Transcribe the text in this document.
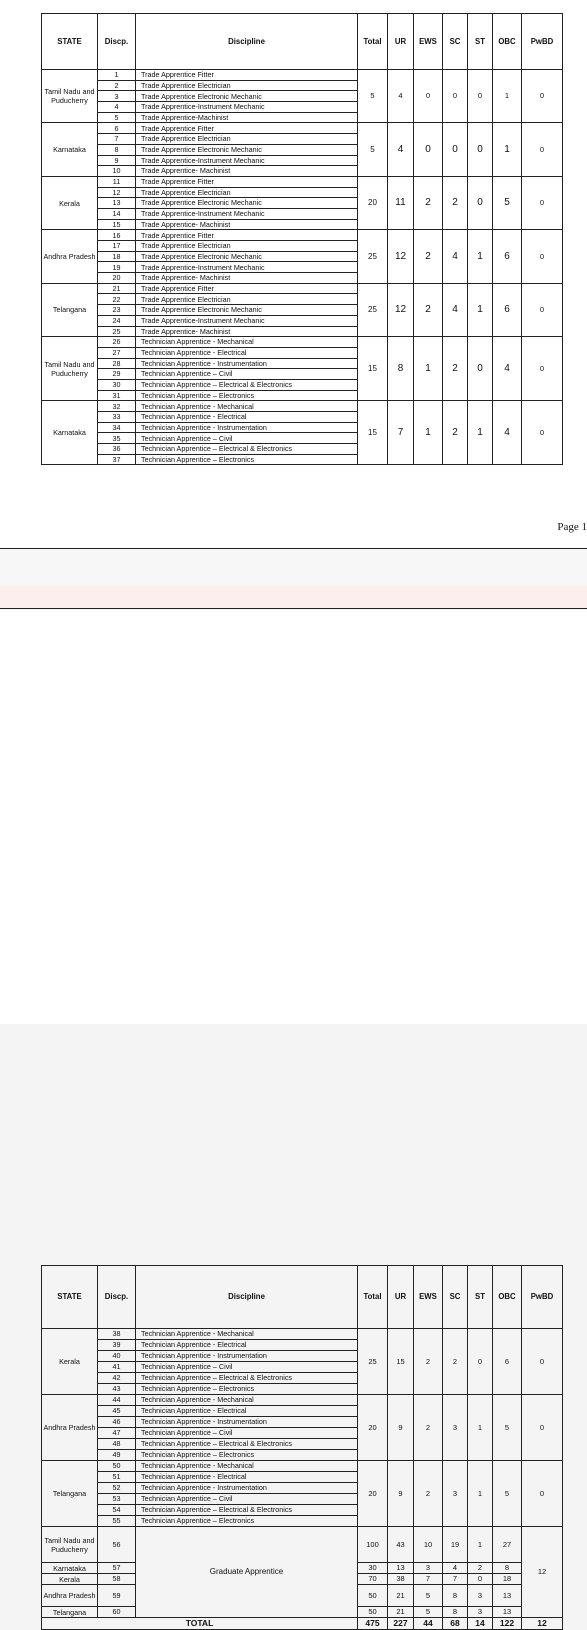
STATE	Discp.	Discipline	Total	UR	EWS	SC	ST	OBC	PwBD
Tamil Nadu and Puducherry	1	Trade Apprentice Fitter	5	4	0	0	0	1	0
	2	Trade Apprentice Electrician							
	3	Trade Apprentice Electronic Mechanic							
	4	Trade Apprentice-Instrument Mechanic							
	5	Trade Apprentice-Machinist							
Karnataka	6	Trade Apprentice Fitter	5	4	0	0	0	1	0
	7	Trade Apprentice Electrician							
	8	Trade Apprentice Electronic Mechanic							
	9	Trade Apprentice-Instrument Mechanic							
	10	Trade Apprentice- Machinist							
Kerala	11	Trade Apprentice Fitter	20	11	2	2	0	5	0
	12	Trade Apprentice Electrician							
	13	Trade Apprentice Electronic Mechanic							
	14	Trade Apprentice-Instrument Mechanic							
	15	Trade Apprentice- Machinist							
Andhra Pradesh	16	Trade Apprentice Fitter	25	12	2	4	1	6	0
	17	Trade Apprentice Electrician							
	18	Trade Apprentice Electronic Mechanic							
	19	Trade Apprentice-Instrument Mechanic							
	20	Trade Apprentice- Machinist							
Telangana	21	Trade Apprentice Fitter	25	12	2	4	1	6	0
	22	Trade Apprentice Electrician							
	23	Trade Apprentice Electronic Mechanic							
	24	Trade Apprentice-Instrument Mechanic							
	25	Trade Apprentice- Machinist							
Tamil Nadu and Puducherry	26	Technician Apprentice - Mechanical	15	8	1	2	0	4	0
	27	Technician Apprentice - Electrical							
	28	Technician Apprentice - Instrumentation							
	29	Technician Apprentice – Civil							
	30	Technician Apprentice – Electrical & Electronics							
	31	Technician Apprentice – Electronics							
Karnataka	32	Technician Apprentice - Mechanical	15	7	1	2	1	4	0
	33	Technician Apprentice - Electrical							
	34	Technician Apprentice - Instrumentation							
	35	Technician Apprentice – Civil							
	36	Technician Apprentice – Electrical & Electronics							
	37	Technician Apprentice – Electronics							
Page 1
STATE	Discp.	Discipline	Total	UR	EWS	SC	ST	OBC	PwBD
Kerala	38	Technician Apprentice - Mechanical	25	15	2	2	0	6	0
	39	Technician Apprentice - Electrical							
	40	Technician Apprentice - Instrumentation							
	41	Technician Apprentice – Civil							
	42	Technician Apprentice – Electrical & Electronics							
	43	Technician Apprentice – Electronics							
Andhra Pradesh	44	Technician Apprentice - Mechanical	20	9	2	3	1	5	0
	45	Technician Apprentice - Electrical							
	46	Technician Apprentice - Instrumentation							
	47	Technician Apprentice – Civil							
	48	Technician Apprentice – Electrical & Electronics							
	49	Technician Apprentice – Electronics							
Telangana	50	Technician Apprentice - Mechanical	20	9	2	3	1	5	0
	51	Technician Apprentice - Electrical							
	52	Technician Apprentice - Instrumentation							
	53	Technician Apprentice – Civil							
	54	Technician Apprentice – Electrical & Electronics							
	55	Technician Apprentice – Electronics							
Tamil Nadu and Puducherry	56	Graduate Apprentice	100	43	10	19	1	27	12
Karnataka	57		30	13	3	4	2	8	
Kerala	58		70	38	7	7	0	18	
Andhra Pradesh	59		50	21	5	8	3	13	
Telangana	60		50	21	5	8	3	13	
TOTAL			475	227	44	68	14	122	12
